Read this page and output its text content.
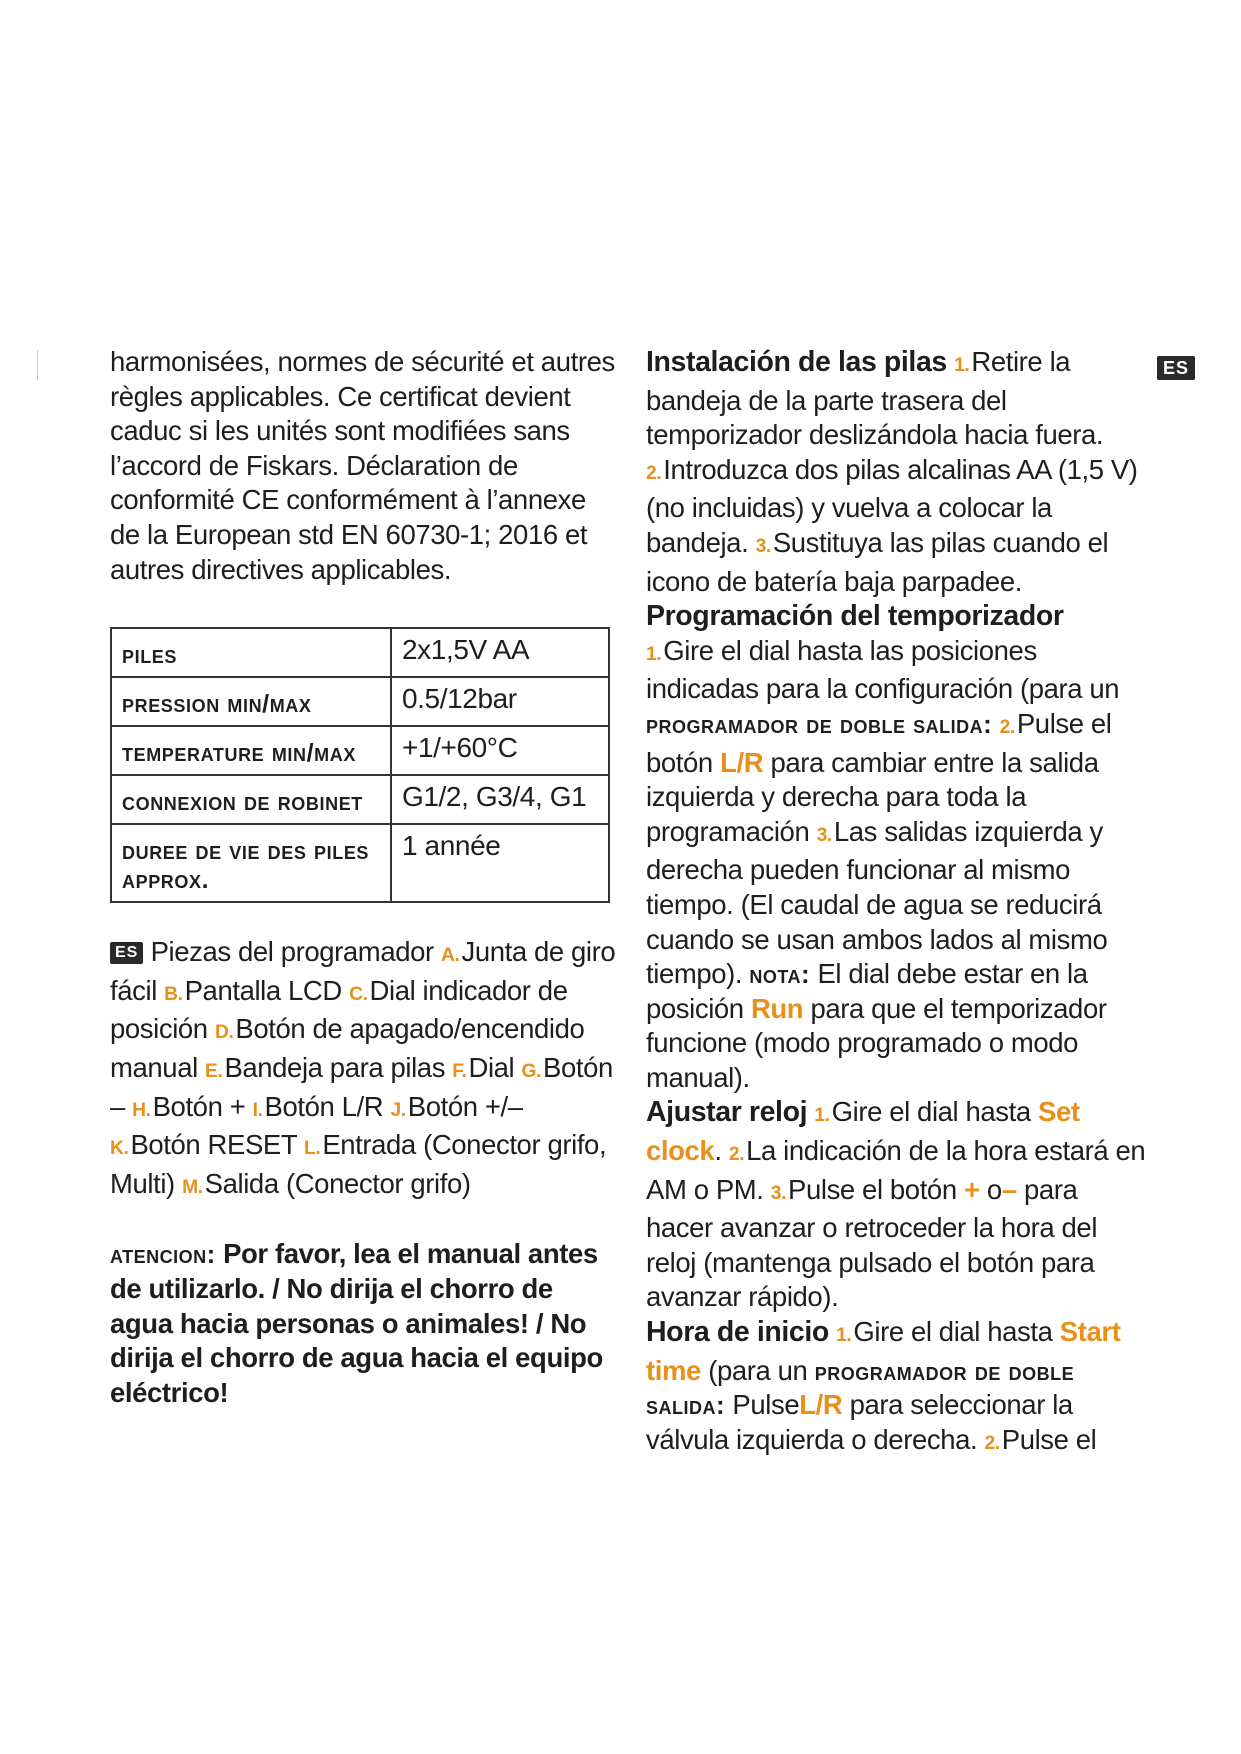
ES

harmonisées, normes de sécurité et autres règles applicables. Ce certificat devient caduc si les unités sont modifiées sans l’accord de Fiskars. Déclaration de conformité CE conformément à l’annexe de la European std EN 60730-1; 2016 et autres directives applicables.

piles	2x1,5V AA
pression min/max	0.5/12bar
temperature min/max	+1/+60°C
connexion de robinet	G1/2, G3/4, G1
duree de vie des piles approx.	1 année

ES Piezas del programador A.Junta de giro fácil B.Pantalla LCD C.Dial indicador de posición D.Botón de apagado/encendido manual E.Bandeja para pilas F.Dial G.Botón – H.Botón + I.Botón L/R J.Botón +/– K.Botón RESET L.Entrada (Conector grifo, Multi) M.Salida (Conector grifo)

atencion: Por favor, lea el manual antes de utilizarlo. / No dirija el chorro de agua hacia personas o animales! / No dirija el chorro de agua hacia el equipo eléctrico!

Instalación de las pilas 1.Retire la bandeja de la parte trasera del temporizador deslizándola hacia fuera. 2.Introduzca dos pilas alcalinas AA (1,5 V) (no incluidas) y vuelva a colocar la bandeja. 3.Sustituya las pilas cuando el icono de batería baja parpadee.

Programación del temporizador
1.Gire el dial hasta las posiciones indicadas para la configuración (para un programador de doble salida: 2.Pulse el botón L/R para cambiar entre la salida izquierda y derecha para toda la programación 3.Las salidas izquierda y derecha pueden funcionar al mismo tiempo. (El caudal de agua se reducirá cuando se usan ambos lados al mismo tiempo). nota: El dial debe estar en la posición Run para que el temporizador funcione (modo programado o modo manual).

Ajustar reloj 1.Gire el dial hasta Set clock. 2.La indicación de la hora estará en AM o PM. 3.Pulse el botón + o– para hacer avanzar o retroceder la hora del reloj (mantenga pulsado el botón para avanzar rápido).

Hora de inicio 1.Gire el dial hasta Start time (para un programador de doble salida: PulseL/R para seleccionar la válvula izquierda o derecha. 2.Pulse el
